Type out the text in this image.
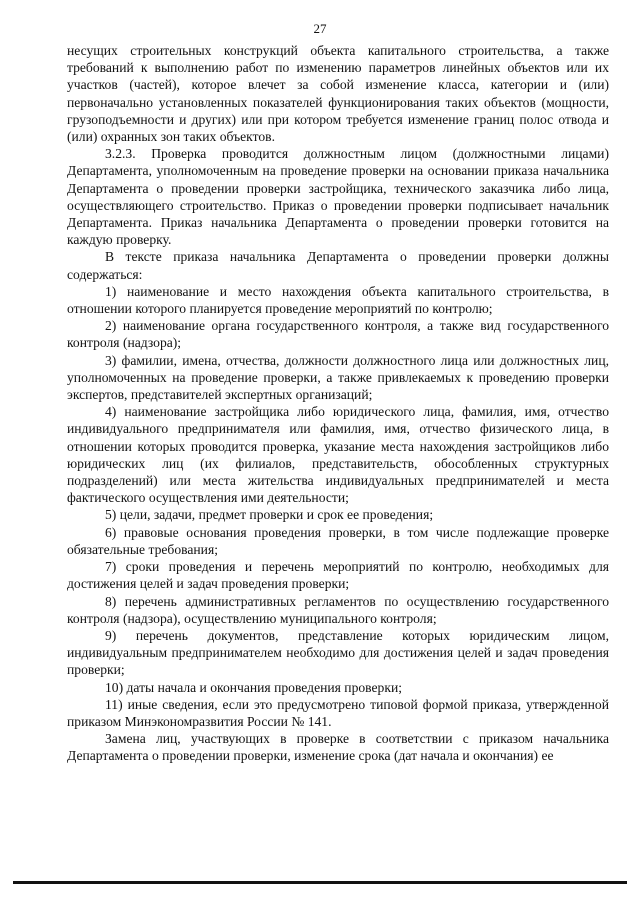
27

несущих строительных конструкций объекта капитального строительства, а также требований к выполнению работ по изменению параметров линейных объектов или их участков (частей), которое влечет за собой изменение класса, категории и (или) первоначально установленных показателей функционирования таких объектов (мощности, грузоподъемности и других) или при котором требуется изменение границ полос отвода и (или) охранных зон таких объектов.

3.2.3. Проверка проводится должностным лицом (должностными лицами) Департамента, уполномоченным на проведение проверки на основании приказа начальника Департамента о проведении проверки застройщика, технического заказчика либо лица, осуществляющего строительство. Приказ о проведении проверки подписывает начальник Департамента. Приказ начальника Департамента о проведении проверки готовится на каждую проверку.

В тексте приказа начальника Департамента о проведении проверки должны содержаться:

1) наименование и место нахождения объекта капитального строительства, в отношении которого планируется проведение мероприятий по контролю;

2) наименование органа государственного контроля, а также вид государственного контроля (надзора);

3) фамилии, имена, отчества, должности должностного лица или должностных лиц, уполномоченных на проведение проверки, а также привлекаемых к проведению проверки экспертов, представителей экспертных организаций;

4) наименование застройщика либо юридического лица, фамилия, имя, отчество индивидуального предпринимателя или фамилия, имя, отчество физического лица, в отношении которых проводится проверка, указание места нахождения застройщиков либо юридических лиц (их филиалов, представительств, обособленных структурных подразделений) или места жительства индивидуальных предпринимателей и места фактического осуществления ими деятельности;

5) цели, задачи, предмет проверки и срок ее проведения;

6) правовые основания проведения проверки, в том числе подлежащие проверке обязательные требования;

7) сроки проведения и перечень мероприятий по контролю, необходимых для достижения целей и задач проведения проверки;

8) перечень административных регламентов по осуществлению государственного контроля (надзора), осуществлению муниципального контроля;

9) перечень документов, представление которых юридическим лицом, индивидуальным предпринимателем необходимо для достижения целей и задач проведения проверки;

10) даты начала и окончания проведения проверки;

11) иные сведения, если это предусмотрено типовой формой приказа, утвержденной приказом Минэкономразвития России № 141.

Замена лиц, участвующих в проверке в соответствии с приказом начальника Департамента о проведении проверки, изменение срока (дат начала и окончания) ее
